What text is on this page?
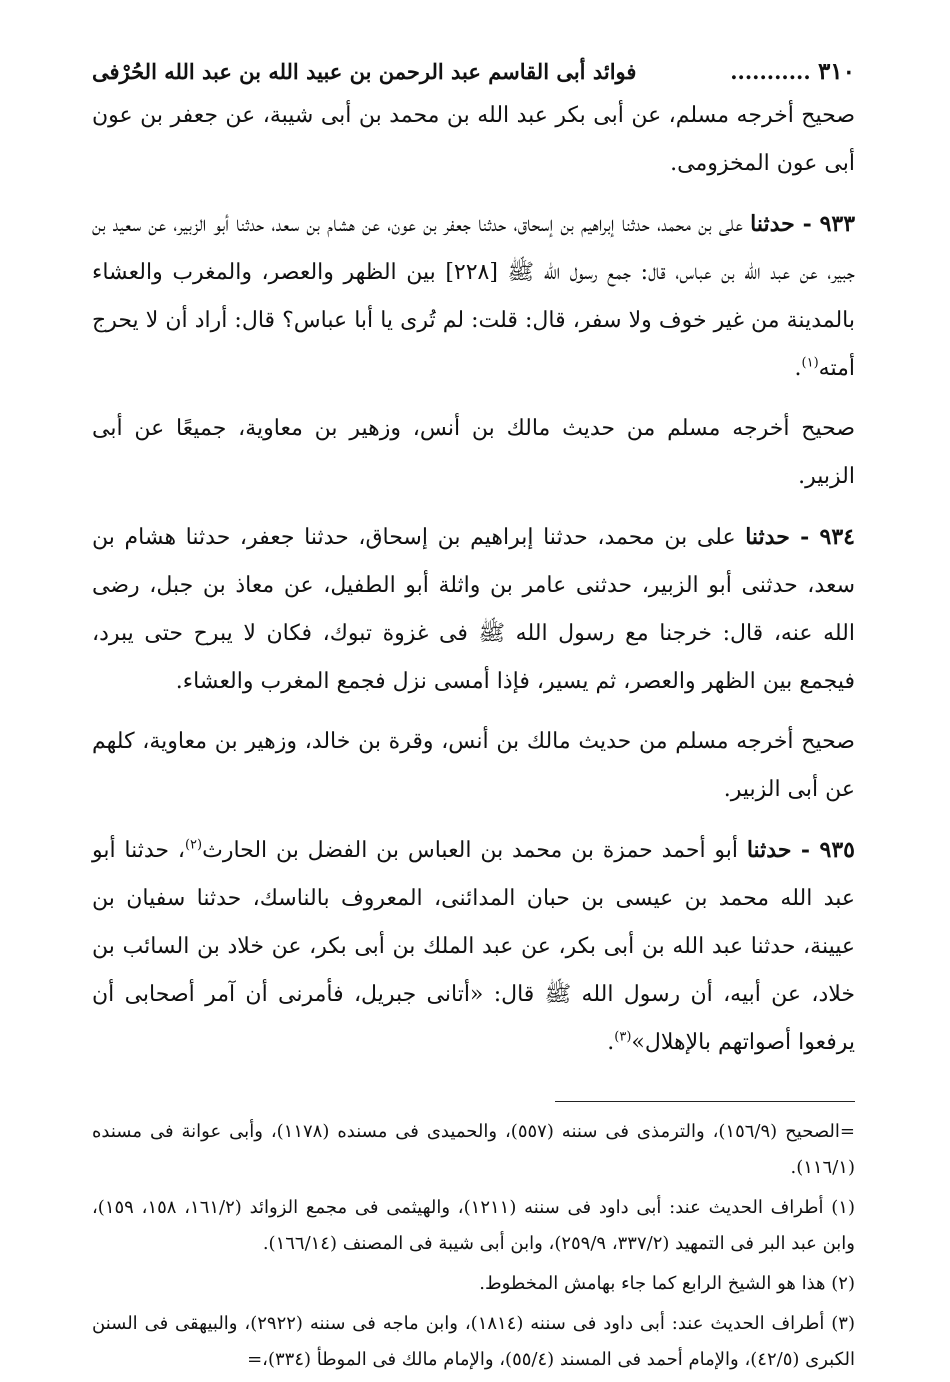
٣١٠ ...........
فوائد أبى القاسم عبد الرحمن بن عبيد الله بن عبد الله الحُرْفى

صحيح أخرجه مسلم، عن أبى بكر عبد الله بن محمد بن أبى شيبة، عن جعفر بن عون أبى عون المخزومى.

٩٣٣ - حدثنا على بن محمد، حدثنا إبراهيم بن إسحاق، حدثنا جعفر بن عون، عن هشام بن سعد، حدثنا أبو الزبير، عن سعيد بن جبير، عن عبد الله بن عباس، قال: جمع رسول الله ﷺ [٢٢٨] بين الظهر والعصر، والمغرب والعشاء بالمدينة من غير خوف ولا سفر، قال: قلت: لم تُرى يا أبا عباس؟ قال: أراد أن لا يحرج أمته$^{(١)}$.

صحيح أخرجه مسلم من حديث مالك بن أنس، وزهير بن معاوية، جميعًا عن أبى الزبير.

٩٣٤ - حدثنا على بن محمد، حدثنا إبراهيم بن إسحاق، حدثنا جعفر، حدثنا هشام بن سعد، حدثنى أبو الزبير، حدثنى عامر بن واثلة أبو الطفيل، عن معاذ بن جبل، رضى الله عنه، قال: خرجنا مع رسول الله ﷺ فى غزوة تبوك، فكان لا يبرح حتى يبرد، فيجمع بين الظهر والعصر، ثم يسير، فإذا أمسى نزل فجمع المغرب والعشاء.

صحيح أخرجه مسلم من حديث مالك بن أنس، وقرة بن خالد، وزهير بن معاوية، كلهم عن أبى الزبير.

٩٣٥ - حدثنا أبو أحمد حمزة بن محمد بن العباس بن الفضل بن الحارث$^{(٢)}$، حدثنا أبو عبد الله محمد بن عيسى بن حبان المدائنى، المعروف بالناسك، حدثنا سفيان بن عيينة، حدثنا عبد الله بن أبى بكر، عن عبد الملك بن أبى بكر، عن خلاد بن السائب بن خلاد، عن أبيه، أن رسول الله ﷺ قال: «أتانى جبريل، فأمرنى أن آمر أصحابى أن يرفعوا أصواتهم بالإهلال»$^{(٣)}$.

=الصحيح (١٥٦/٩)، والترمذى فى سننه (٥٥٧)، والحميدى فى مسنده (١١٧٨)، وأبى عوانة فى مسنده (١١٦/١).

(١) أطراف الحديث عند: أبى داود فى سننه (١٢١١)، والهيثمى فى مجمع الزوائد (١٦١/٢، ١٥٨، ١٥٩)، وابن عبد البر فى التمهيد (٣٣٧/٢، ٢٥٩/٩)، وابن أبى شيبة فى المصنف (١٦٦/١٤).

(٢) هذا هو الشيخ الرابع كما جاء بهامش المخطوط.

(٣) أطراف الحديث عند: أبى داود فى سننه (١٨١٤)، وابن ماجه فى سننه (٢٩٢٢)، والبيهقى فى السنن الكبرى (٤٢/٥)، والإمام أحمد فى المسند (٥٥/٤)، والإمام مالك فى الموطأ (٣٣٤)،=
